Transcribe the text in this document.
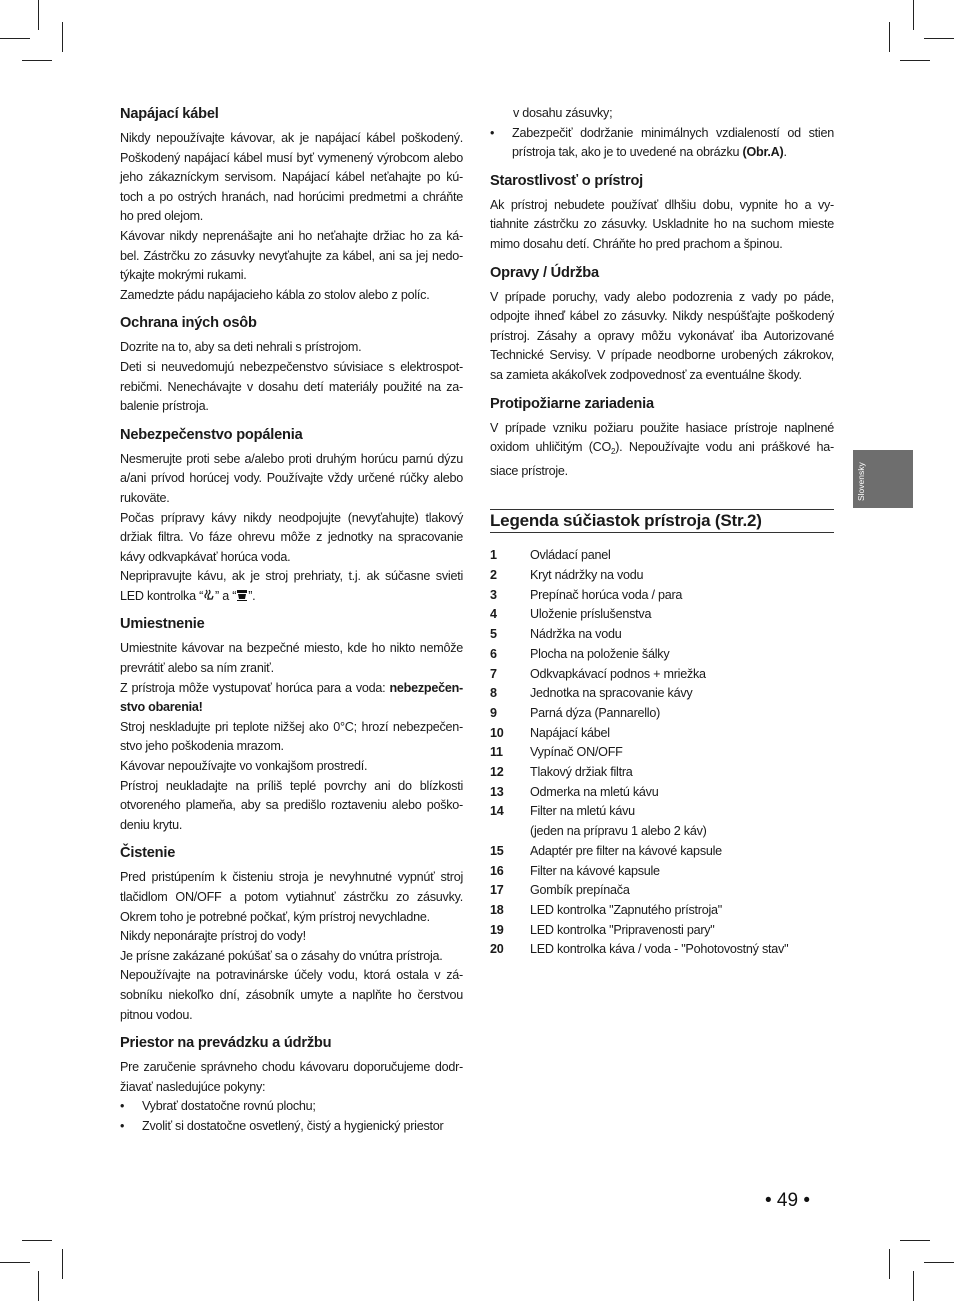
Napájací kábel

Nikdy nepoužívajte kávovar, ak je napájací kábel poškodený. Poškodený napájací kábel musí byť vymenený výrobcom alebo jeho zákazníckym servisom. Napájací kábel neťahajte po kú-toch a po ostrých hranách, nad horúcimi predmetmi a chráňte ho pred olejom.

Kávovar nikdy neprenášajte ani ho neťahajte držiac ho za ká-bel. Zástrčku zo zásuvky nevyťahujte za kábel, ani sa jej nedo-týkajte mokrými rukami.

Zamedzte pádu napájacieho kábla zo stolov alebo z políc.

Ochrana iných osôb

Dozrite na to, aby sa deti nehrali s prístrojom.

Deti si neuvedomujú nebezpečenstvo súvisiace s elektrospot-rebičmi. Nenechávajte v dosahu detí materiály použité na za-balenie prístroja.

Nebezpečenstvo popálenia

Nesmerujte proti sebe a/alebo proti druhým horúcu parnú dýzu a/ani prívod horúcej vody. Používajte vždy určené rúčky alebo rukoväte.

Počas prípravy kávy nikdy neodpojujte (nevyťahujte) tlakový držiak filtra. Vo fáze ohrevu môže z jednotky na spracovanie kávy odkvapkávať horúca voda.

Nepripravujte kávu, ak je stroj prehriaty, t.j. ak súčasne svieti LED kontrolka “ ” a “ ”.

Umiestnenie

Umiestnite kávovar na bezpečné miesto, kde ho nikto nemôže prevrátiť alebo sa ním zraniť.

Z prístroja môže vystupovať horúca para a voda: nebezpečen-stvo obarenia!

Stroj neskladujte pri teplote nižšej ako 0°C; hrozí nebezpečen-stvo jeho poškodenia mrazom.

Kávovar nepoužívajte vo vonkajšom prostredí.

Prístroj neukladajte na príliš teplé povrchy ani do blízkosti otvoreného plameňa, aby sa predišlo roztaveniu alebo poško-deniu krytu.

Čistenie

Pred pristúpením k čisteniu stroja je nevyhnutné vypnúť stroj tlačidlom ON/OFF a potom vytiahnuť zástrčku zo zásuvky. Okrem toho je potrebné počkať, kým prístroj nevychladne.

Nikdy neponárajte prístroj do vody!

Je prísne zakázané pokúšať sa o zásahy do vnútra prístroja.

Nepoužívajte na potravinárske účely vodu, ktorá ostala v zá-sobníku niekoľko dní, zásobník umyte a naplňte ho čerstvou pitnou vodou.

Priestor na prevádzku a údržbu

Pre zaručenie správneho chodu kávovaru doporučujeme dodr-žiavať nasledujúce pokyny:

• Vybrať dostatočne rovnú plochu;
• Zvoliť si dostatočne osvetlený, čistý a hygienický priestor

v dosahu zásuvky;

• Zabezpečiť dodržanie minimálnych vzdialeností od stien prístroja tak, ako je to uvedené na obrázku (Obr.A).
Starostlivosť o prístroj

Ak prístroj nebudete používať dlhšiu dobu, vypnite ho a vy-tiahnite zástrčku zo zásuvky. Uskladnite ho na suchom mieste mimo dosahu detí. Chráňte ho pred prachom a špinou.

Opravy / Údržba

V prípade poruchy, vady alebo podozrenia z vady po páde, odpojte ihneď kábel zo zásuvky. Nikdy nespúšťajte poškodený prístroj. Zásahy a opravy môžu vykonávať iba Autorizované Technické Servisy. V prípade neodborne urobených zákrokov, sa zamieta akákoľvek zodpovednosť za eventuálne škody.

Protipožiarne zariadenia

V prípade vzniku požiaru použite hasiace prístroje naplnené oxidom uhličitým $(CO_2)$. Nepoužívajte vodu ani práškové ha-siace prístroje.

Legenda súčiastok prístroja (Str.2)
1	Ovládací panel
2	Kryt nádržky na vodu
3	Prepínač horúca voda / para
4	Uloženie príslušenstva
5	Nádržka na vodu
6	Plocha na položenie šálky
7	Odkvapkávací podnos + mriežka
8	Jednotka na spracovanie kávy
9	Parná dýza (Pannarello)
10	Napájací kábel
11	Vypínač ON/OFF
12	Tlakový držiak filtra
13	Odmerka na mletú kávu
14	Filter na mletú kávu
(jeden na prípravu 1 alebo 2 káv)
15	Adaptér pre filter na kávové kapsule
16	Filter na kávové kapsule
17	Gombík prepínača
18	LED kontrolka "Zapnutého prístroja"
19	LED kontrolka "Pripravenosti pary"
20	LED kontrolka káva / voda - "Pohotovostný stav"
Slovensky
• 49 •
